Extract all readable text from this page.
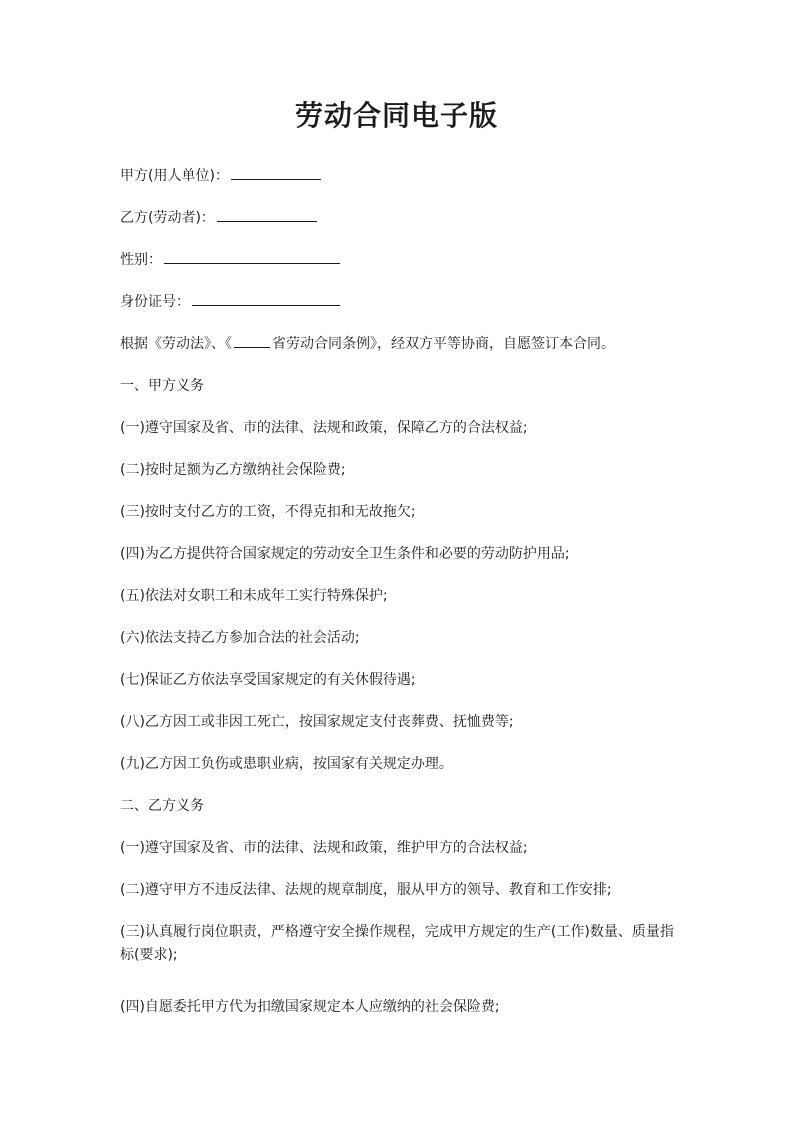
劳动合同电子版
甲方(用人单位)：
乙方(劳动者)：
性别：
身份证号：
根据《劳动法》、《	省劳动合同条例》，经双方平等协商，自愿签订本合同。
一、甲方义务
(一)遵守国家及省、市的法律、法规和政策，保障乙方的合法权益;
(二)按时足额为乙方缴纳社会保险费;
(三)按时支付乙方的工资，不得克扣和无故拖欠;
(四)为乙方提供符合国家规定的劳动安全卫生条件和必要的劳动防护用品;
(五)依法对女职工和未成年工实行特殊保护;
(六)依法支持乙方参加合法的社会活动;
(七)保证乙方依法享受国家规定的有关休假待遇;
(八)乙方因工或非因工死亡，按国家规定支付丧葬费、抚恤费等;
(九)乙方因工负伤或患职业病，按国家有关规定办理。
二、乙方义务
(一)遵守国家及省、市的法律、法规和政策，维护甲方的合法权益;
(二)遵守甲方不违反法律、法规的规章制度，服从甲方的领导、教育和工作安排;
(三)认真履行岗位职责，严格遵守安全操作规程，完成甲方规定的生产(工作)数量、质量指标(要求);
(四)自愿委托甲方代为扣缴国家规定本人应缴纳的社会保险费;
